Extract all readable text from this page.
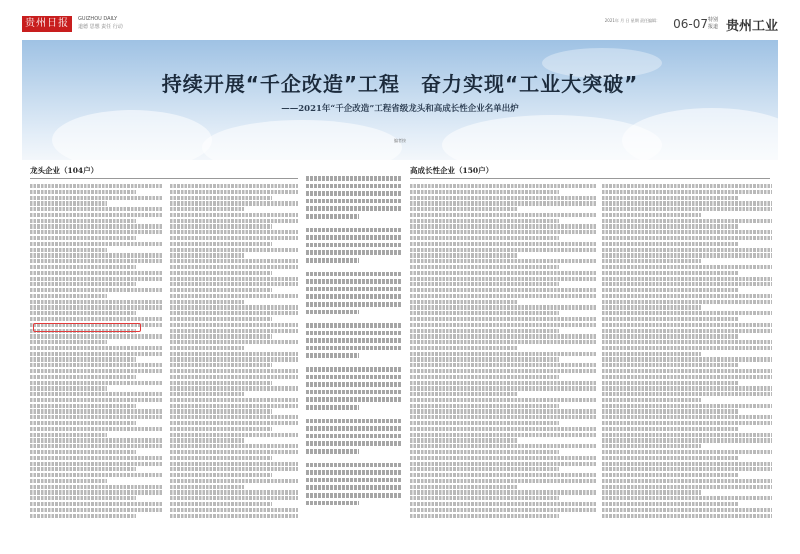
贵州日报	GUIZHOU DAILY
道德 思想 责任 行动
2021年 月 日 星期 责任编辑： 06-07 特别报道 贵州工业
持续开展“千企改造”工程　奋力实现“工业大突破”
——2021年“千企改造”工程省级龙头和高成长性企业名单出炉
编者按
龙头企业（104户）	高成长性企业（150户）
